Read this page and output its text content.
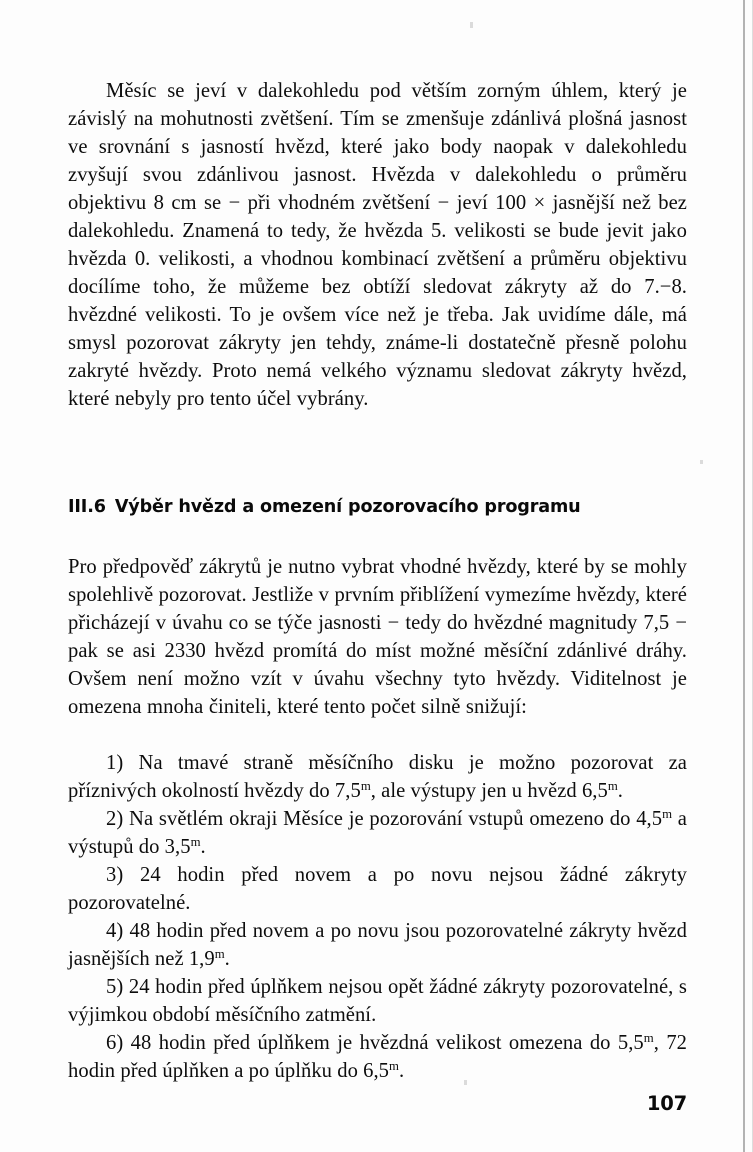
Měsíc se jeví v dalekohledu pod větším zorným úhlem, který je závislý na mohutnosti zvětšení. Tím se zmenšuje zdánlivá plošná jasnost ve srovnání s jasností hvězd, které jako body naopak v dalekohledu zvyšují svou zdánlivou jasnost. Hvězda v dalekohledu o průměru objektivu 8 cm se − při vhodném zvětšení − jeví 100 × jasnější než bez dalekohledu. Znamená to tedy, že hvězda 5. velikosti se bude jevit jako hvězda 0. velikosti, a vhodnou kombinací zvětšení a průměru objektivu docílíme toho, že můžeme bez obtíží sledovat zákryty až do 7.−8. hvězdné velikosti. To je ovšem více než je třeba. Jak uvidíme dále, má smysl pozorovat zákryty jen tehdy, známe-li dostatečně přesně polohu zakryté hvězdy. Proto nemá velkého významu sledovat zákryty hvězd, které nebyly pro tento účel vybrány.

III.6 Výběr hvězd a omezení pozorovacího programu

Pro předpověď zákrytů je nutno vybrat vhodné hvězdy, které by se mohly spolehlivě pozorovat. Jestliže v prvním přiblížení vymezíme hvězdy, které přicházejí v úvahu co se týče jasnosti − tedy do hvězdné magnitudy 7,5 − pak se asi 2330 hvězd promítá do míst možné měsíční zdánlivé dráhy. Ovšem není možno vzít v úvahu všechny tyto hvězdy. Viditelnost je omezena mnoha činiteli, které tento počet silně snižují:

1) Na tmavé straně měsíčního disku je možno pozorovat za příznivých okolností hvězdy do 7,5$^m$, ale výstupy jen u hvězd 6,5$^m$.

2) Na světlém okraji Měsíce je pozorování vstupů omezeno do 4,5$^m$ a výstupů do 3,5$^m$.

3) 24 hodin před novem a po novu nejsou žádné zákryty pozorovatelné.

4) 48 hodin před novem a po novu jsou pozorovatelné zákryty hvězd jasnějších než 1,9$^m$.

5) 24 hodin před úplňkem nejsou opět žádné zákryty pozorovatelné, s výjimkou období měsíčního zatmění.

6) 48 hodin před úplňkem je hvězdná velikost omezena do 5,5$^m$, 72 hodin před úplňken a po úplňku do 6,5$^m$.

107
